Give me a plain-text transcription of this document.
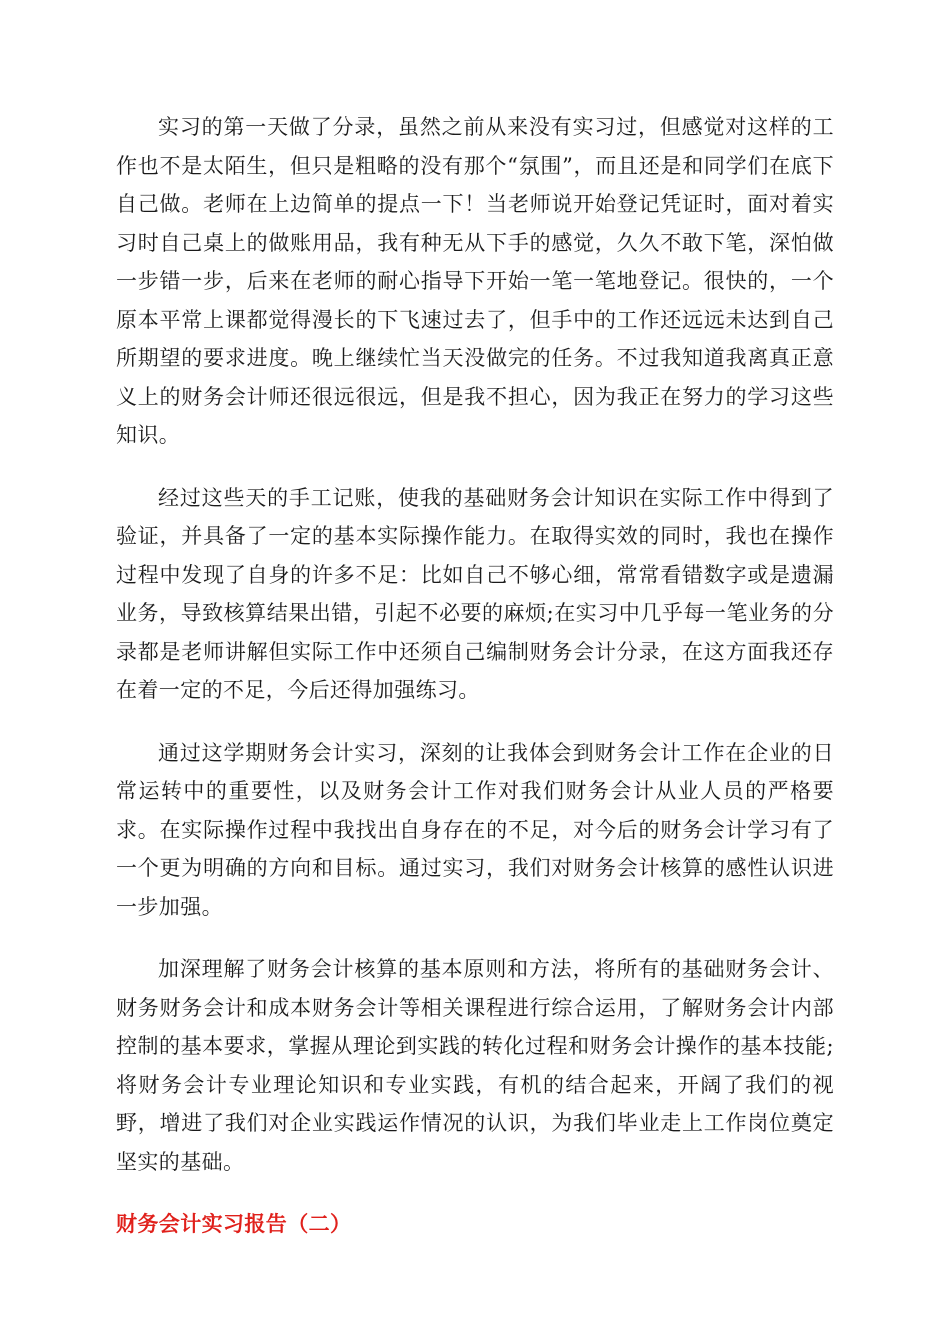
实习的第一天做了分录，虽然之前从来没有实习过，但感觉对这样的工作也不是太陌生，但只是粗略的没有那个“氛围”，而且还是和同学们在底下自己做。老师在上边简单的提点一下！当老师说开始登记凭证时，面对着实习时自己桌上的做账用品，我有种无从下手的感觉，久久不敢下笔，深怕做一步错一步，后来在老师的耐心指导下开始一笔一笔地登记。很快的，一个原本平常上课都觉得漫长的下飞速过去了，但手中的工作还远远未达到自己所期望的要求进度。晚上继续忙当天没做完的任务。不过我知道我离真正意义上的财务会计师还很远很远，但是我不担心，因为我正在努力的学习这些知识。

经过这些天的手工记账，使我的基础财务会计知识在实际工作中得到了验证，并具备了一定的基本实际操作能力。在取得实效的同时，我也在操作过程中发现了自身的许多不足：比如自己不够心细，常常看错数字或是遗漏业务，导致核算结果出错，引起不必要的麻烦;在实习中几乎每一笔业务的分录都是老师讲解但实际工作中还须自己编制财务会计分录，在这方面我还存在着一定的不足，今后还得加强练习。

通过这学期财务会计实习，深刻的让我体会到财务会计工作在企业的日常运转中的重要性，以及财务会计工作对我们财务会计从业人员的严格要求。在实际操作过程中我找出自身存在的不足，对今后的财务会计学习有了一个更为明确的方向和目标。通过实习，我们对财务会计核算的感性认识进一步加强。

加深理解了财务会计核算的基本原则和方法，将所有的基础财务会计、财务财务会计和成本财务会计等相关课程进行综合运用，了解财务会计内部控制的基本要求，掌握从理论到实践的转化过程和财务会计操作的基本技能;将财务会计专业理论知识和专业实践，有机的结合起来，开阔了我们的视野，增进了我们对企业实践运作情况的认识，为我们毕业走上工作岗位奠定坚实的基础。

财务会计实习报告（二）
